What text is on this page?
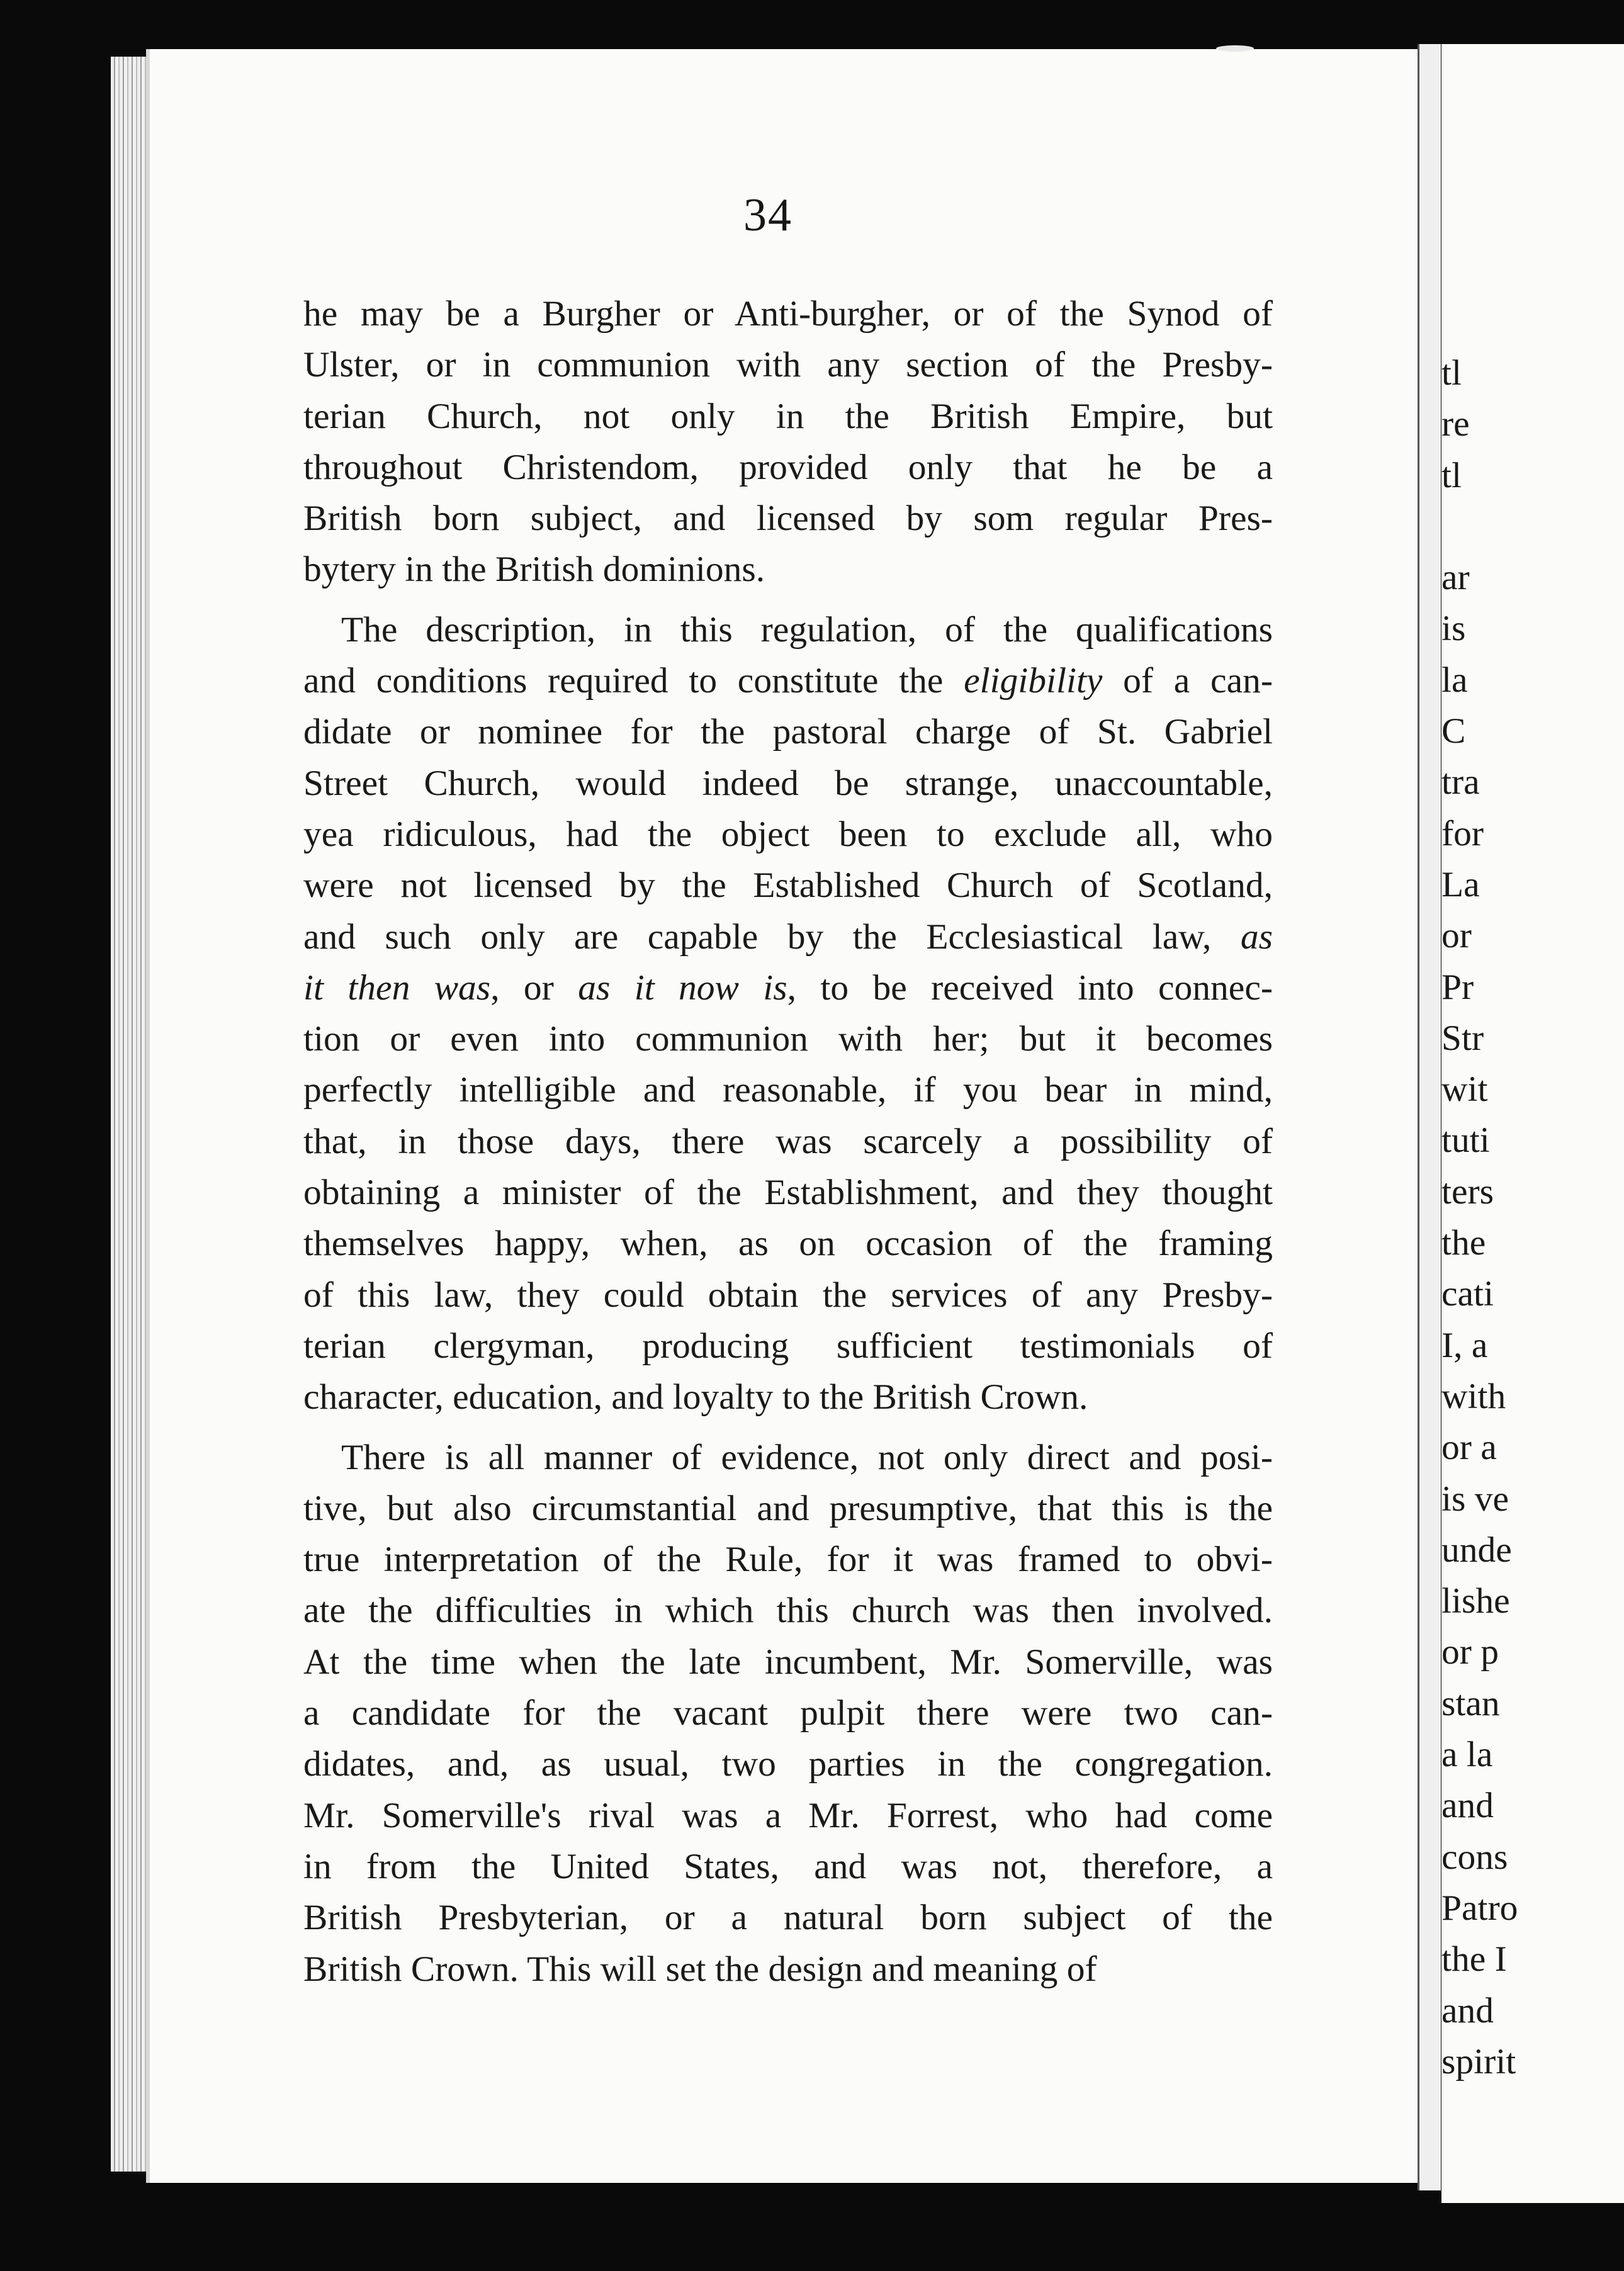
tl
re
tl

ar
is
la
C
tra
for
La
or
Pr
Str
wit
tuti
ters
the
cati
I, a
with
or a
is ve
unde
lishe
or p
stan
a la
and
cons
Patro
the I
and
spirit
34
he may be a Burgher or Anti-burgher, or of the Synod of
Ulster, or in communion with any section of the Presby-
terian Church, not only in the British Empire, but
throughout Christendom, provided only that he be a
British born subject, and licensed by som regular Pres-
bytery in the British dominions.
The description, in this regulation, of the qualifications
and conditions required to constitute the eligibility of a can-
didate or nominee for the pastoral charge of St. Gabriel
Street Church, would indeed be strange, unaccountable,
yea ridiculous, had the object been to exclude all, who
were not licensed by the Established Church of Scotland,
and such only are capable by the Ecclesiastical law, as
it then was, or as it now is, to be received into connec-
tion or even into communion with her; but it becomes
perfectly intelligible and reasonable, if you bear in mind,
that, in those days, there was scarcely a possibility of
obtaining a minister of the Establishment, and they thought
themselves happy, when, as on occasion of the framing
of this law, they could obtain the services of any Presby-
terian clergyman, producing sufficient testimonials of
character, education, and loyalty to the British Crown.
There is all manner of evidence, not only direct and posi-
tive, but also circumstantial and presumptive, that this is the
true interpretation of the Rule, for it was framed to obvi-
ate the difficulties in which this church was then involved.
At the time when the late incumbent, Mr. Somerville, was
a candidate for the vacant pulpit there were two can-
didates, and, as usual, two parties in the congregation.
Mr. Somerville's rival was a Mr. Forrest, who had come
in from the United States, and was not, therefore, a
British Presbyterian, or a natural born subject of the
British Crown. This will set the design and meaning of
